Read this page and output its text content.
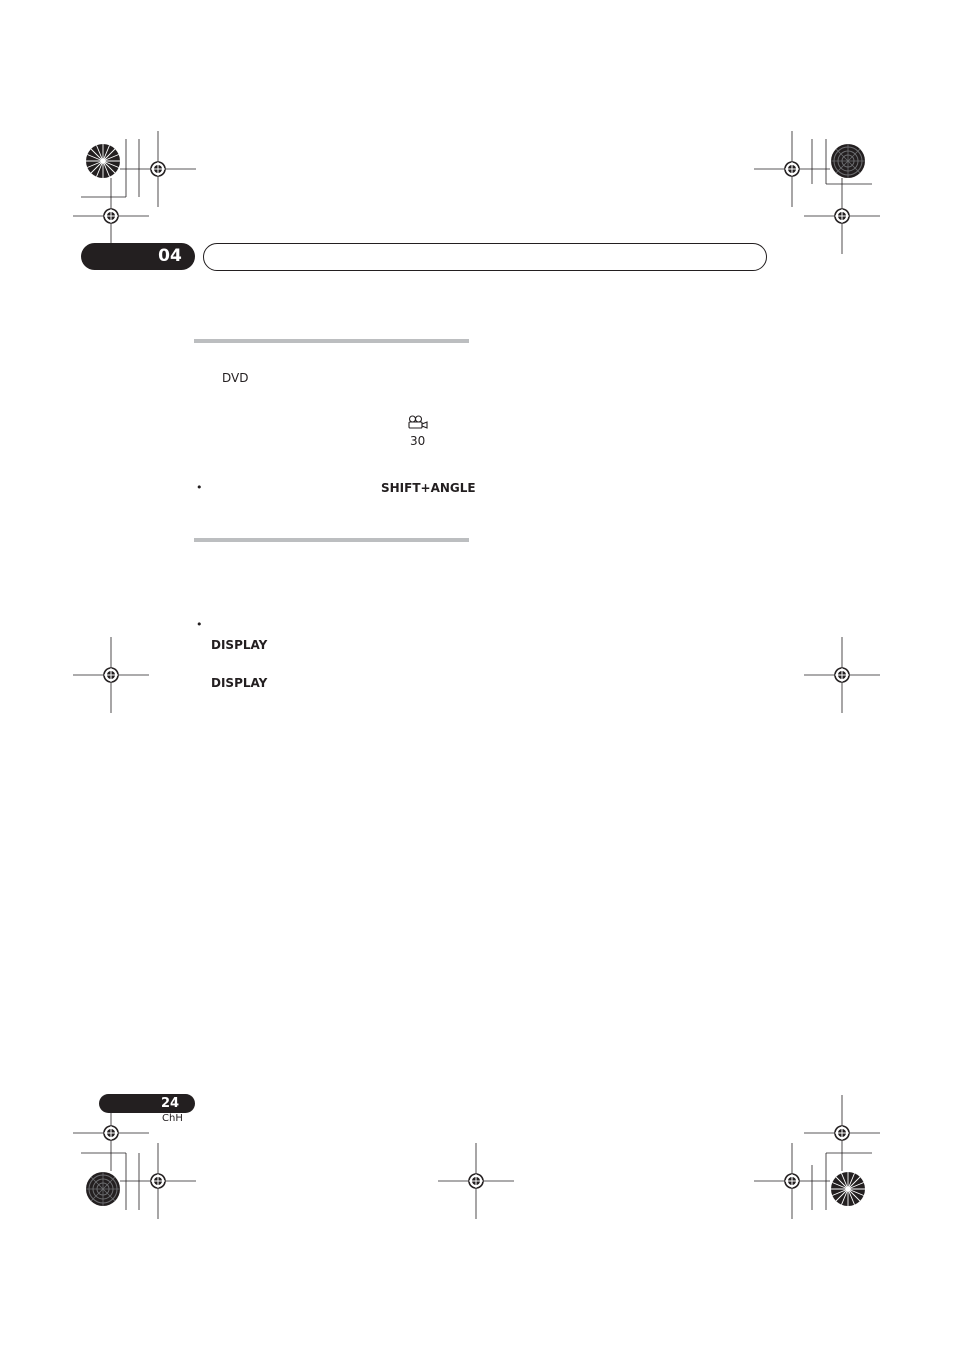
04
DVD
30
•	SHIFT+ANGLE
•
DISPLAY
DISPLAY
24
ChH
